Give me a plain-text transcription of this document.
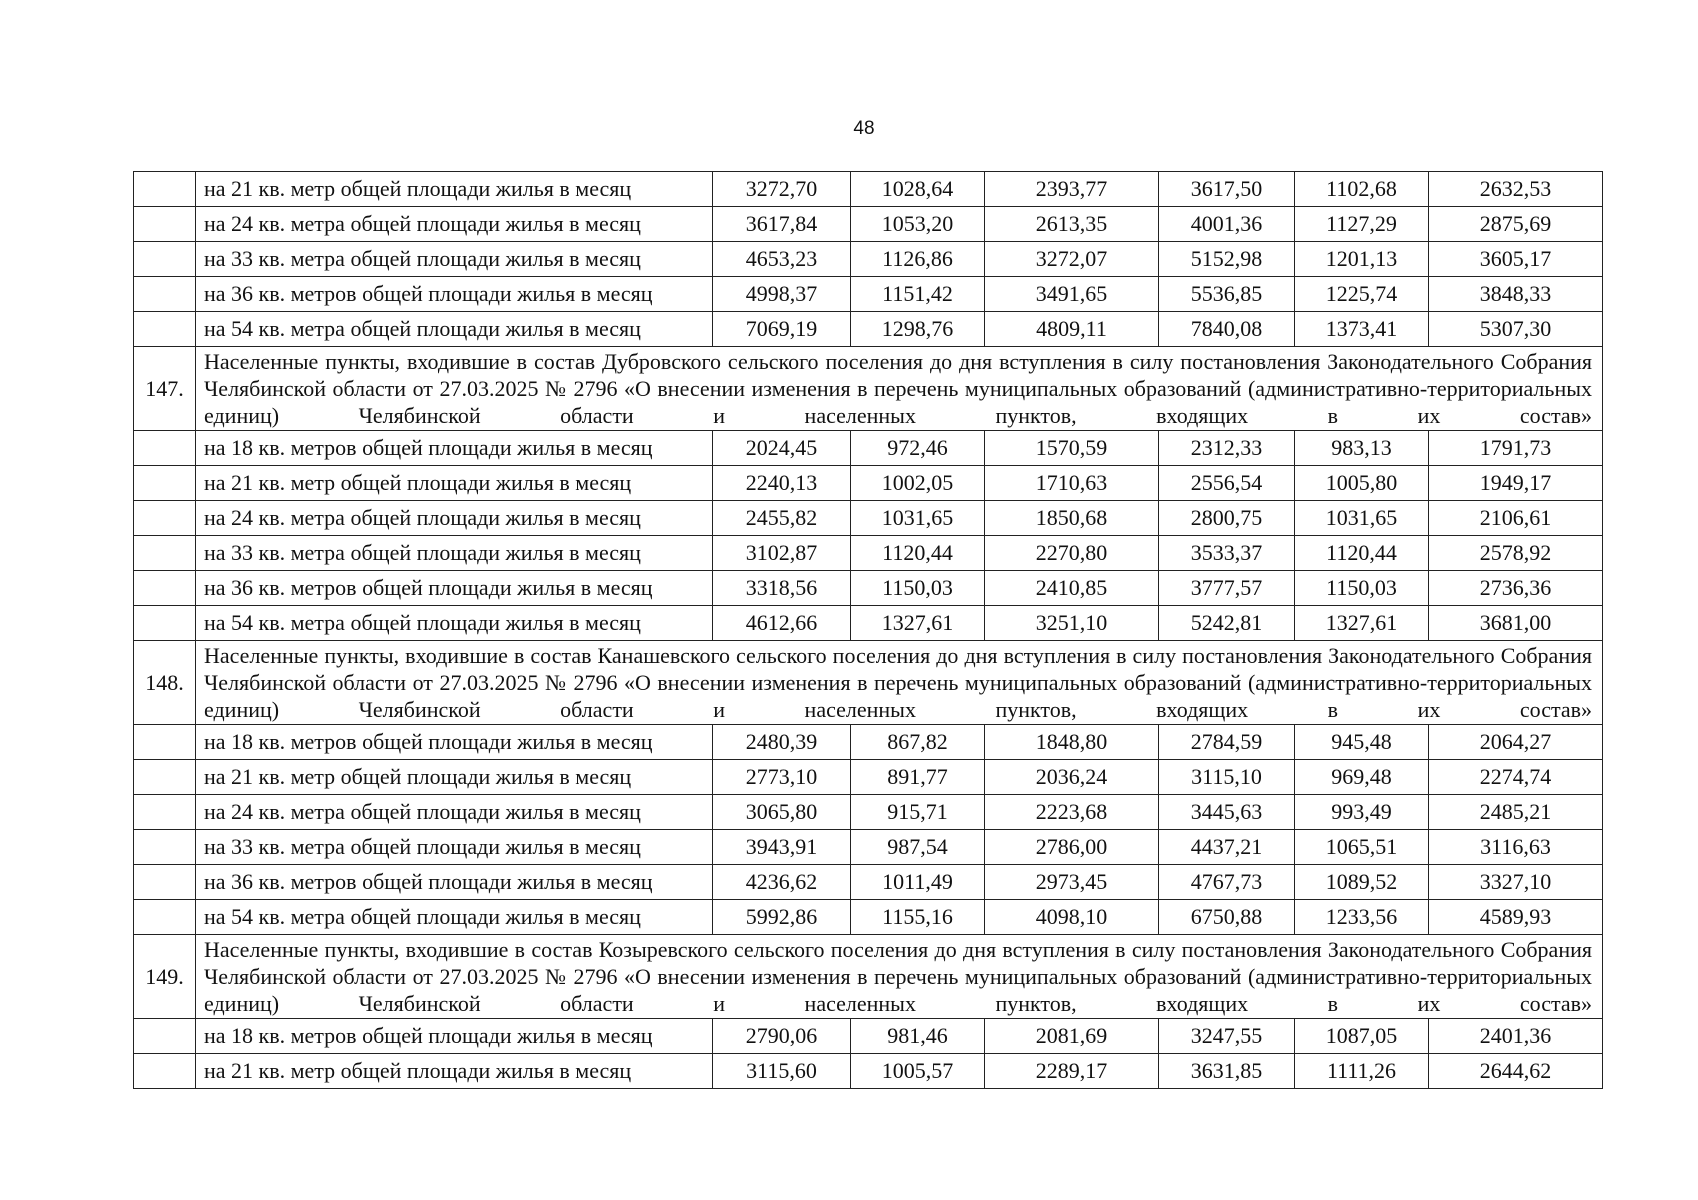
48
	на 21 кв. метр общей площади жилья в месяц	3272,70	1028,64	2393,77	3617,50	1102,68	2632,53
	на 24 кв. метра общей площади жилья в месяц	3617,84	1053,20	2613,35	4001,36	1127,29	2875,69
	на 33 кв. метра общей площади жилья в месяц	4653,23	1126,86	3272,07	5152,98	1201,13	3605,17
	на 36 кв. метров общей площади жилья в месяц	4998,37	1151,42	3491,65	5536,85	1225,74	3848,33
	на 54 кв. метра общей площади жилья в месяц	7069,19	1298,76	4809,11	7840,08	1373,41	5307,30
147.	Населенные пункты, входившие в состав Дубровского сельского поселения до дня вступления в силу постановления Законодательного Собрания Челябинской области от 27.03.2025 № 2796 «О внесении изменения в перечень муниципальных образований (административно-территориальных единиц) Челябинской области и населенных пунктов, входящих в их состав»						
	на 18 кв. метров общей площади жилья в месяц	2024,45	972,46	1570,59	2312,33	983,13	1791,73
	на 21 кв. метр общей площади жилья в месяц	2240,13	1002,05	1710,63	2556,54	1005,80	1949,17
	на 24 кв. метра общей площади жилья в месяц	2455,82	1031,65	1850,68	2800,75	1031,65	2106,61
	на 33 кв. метра общей площади жилья в месяц	3102,87	1120,44	2270,80	3533,37	1120,44	2578,92
	на 36 кв. метров общей площади жилья в месяц	3318,56	1150,03	2410,85	3777,57	1150,03	2736,36
	на 54 кв. метра общей площади жилья в месяц	4612,66	1327,61	3251,10	5242,81	1327,61	3681,00
148.	Населенные пункты, входившие в состав Канашевского сельского поселения до дня вступления в силу постановления Законодательного Собрания Челябинской области от 27.03.2025 № 2796 «О внесении изменения в перечень муниципальных образований (административно-территориальных единиц) Челябинской области и населенных пунктов, входящих в их состав»						
	на 18 кв. метров общей площади жилья в месяц	2480,39	867,82	1848,80	2784,59	945,48	2064,27
	на 21 кв. метр общей площади жилья в месяц	2773,10	891,77	2036,24	3115,10	969,48	2274,74
	на 24 кв. метра общей площади жилья в месяц	3065,80	915,71	2223,68	3445,63	993,49	2485,21
	на 33 кв. метра общей площади жилья в месяц	3943,91	987,54	2786,00	4437,21	1065,51	3116,63
	на 36 кв. метров общей площади жилья в месяц	4236,62	1011,49	2973,45	4767,73	1089,52	3327,10
	на 54 кв. метра общей площади жилья в месяц	5992,86	1155,16	4098,10	6750,88	1233,56	4589,93
149.	Населенные пункты, входившие в состав Козыревского сельского поселения до дня вступления в силу постановления Законодательного Собрания Челябинской области от 27.03.2025 № 2796 «О внесении изменения в перечень муниципальных образований (административно-территориальных единиц) Челябинской области и населенных пунктов, входящих в их состав»						
	на 18 кв. метров общей площади жилья в месяц	2790,06	981,46	2081,69	3247,55	1087,05	2401,36
	на 21 кв. метр общей площади жилья в месяц	3115,60	1005,57	2289,17	3631,85	1111,26	2644,62
